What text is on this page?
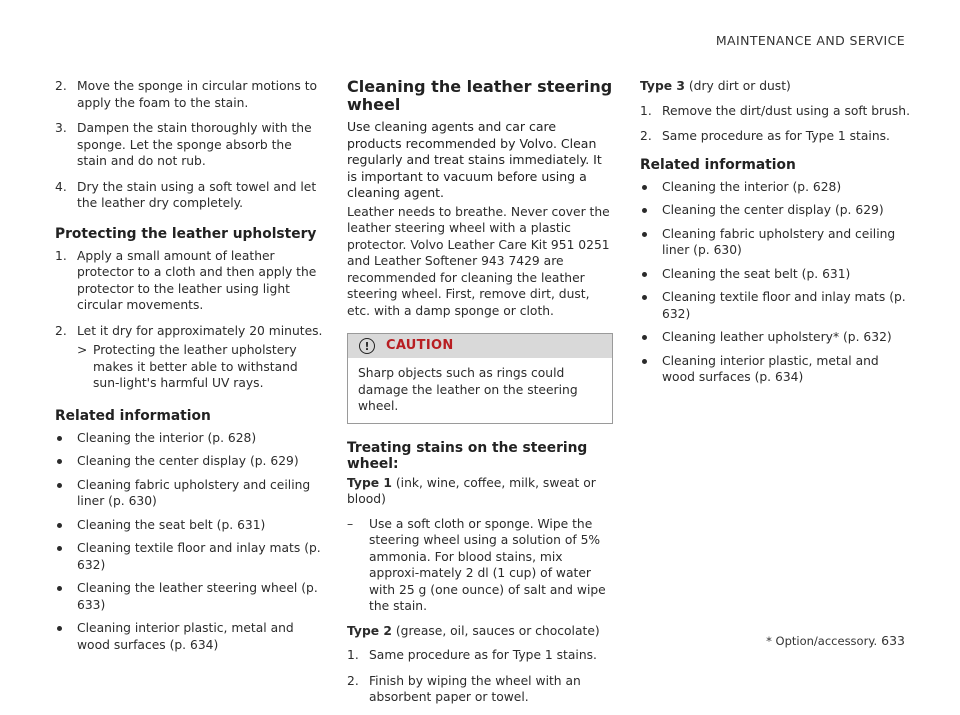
MAINTENANCE AND SERVICE
2. Move the sponge in circular motions to apply the foam to the stain.
3. Dampen the stain thoroughly with the sponge. Let the sponge absorb the stain and do not rub.
4. Dry the stain using a soft towel and let the leather dry completely.
Protecting the leather upholstery
1. Apply a small amount of leather protector to a cloth and then apply the protector to the leather using light circular movements.
2. Let it dry for approximately 20 minutes.
> Protecting the leather upholstery makes it better able to withstand sun-light's harmful UV rays.
Related information
Cleaning the interior (p. 628)
Cleaning the center display (p. 629)
Cleaning fabric upholstery and ceiling liner (p. 630)
Cleaning the seat belt (p. 631)
Cleaning textile floor and inlay mats (p. 632)
Cleaning the leather steering wheel (p. 633)
Cleaning interior plastic, metal and wood surfaces (p. 634)
Cleaning the leather steering wheel

Use cleaning agents and car care products recommended by Volvo. Clean regularly and treat stains immediately. It is important to vacuum before using a cleaning agent.

Leather needs to breathe. Never cover the leather steering wheel with a plastic protector. Volvo Leather Care Kit 951 0251 and Leather Softener 943 7429 are recommended for cleaning the leather steering wheel. First, remove dirt, dust, etc. with a damp sponge or cloth.

!	CAUTION
Sharp objects such as rings could damage the leather on the steering wheel.
Treating stains on the steering wheel:

Type 1 (ink, wine, coffee, milk, sweat or blood)

–	Use a soft cloth or sponge. Wipe the steering wheel using a solution of 5% ammonia. For blood stains, mix approxi-mately 2 dl (1 cup) of water with 25 g (one ounce) of salt and wipe the stain.

Type 2 (grease, oil, sauces or chocolate)

1. Same procedure as for Type 1 stains.
2. Finish by wiping the wheel with an absorbent paper or towel.

Type 3 (dry dirt or dust)

1. Remove the dirt/dust using a soft brush.
2. Same procedure as for Type 1 stains.
Related information
Cleaning the interior (p. 628)
Cleaning the center display (p. 629)
Cleaning fabric upholstery and ceiling liner (p. 630)
Cleaning the seat belt (p. 631)
Cleaning textile floor and inlay mats (p. 632)
Cleaning leather upholstery* (p. 632)
Cleaning interior plastic, metal and wood surfaces (p. 634)
* Option/accessory. 633
